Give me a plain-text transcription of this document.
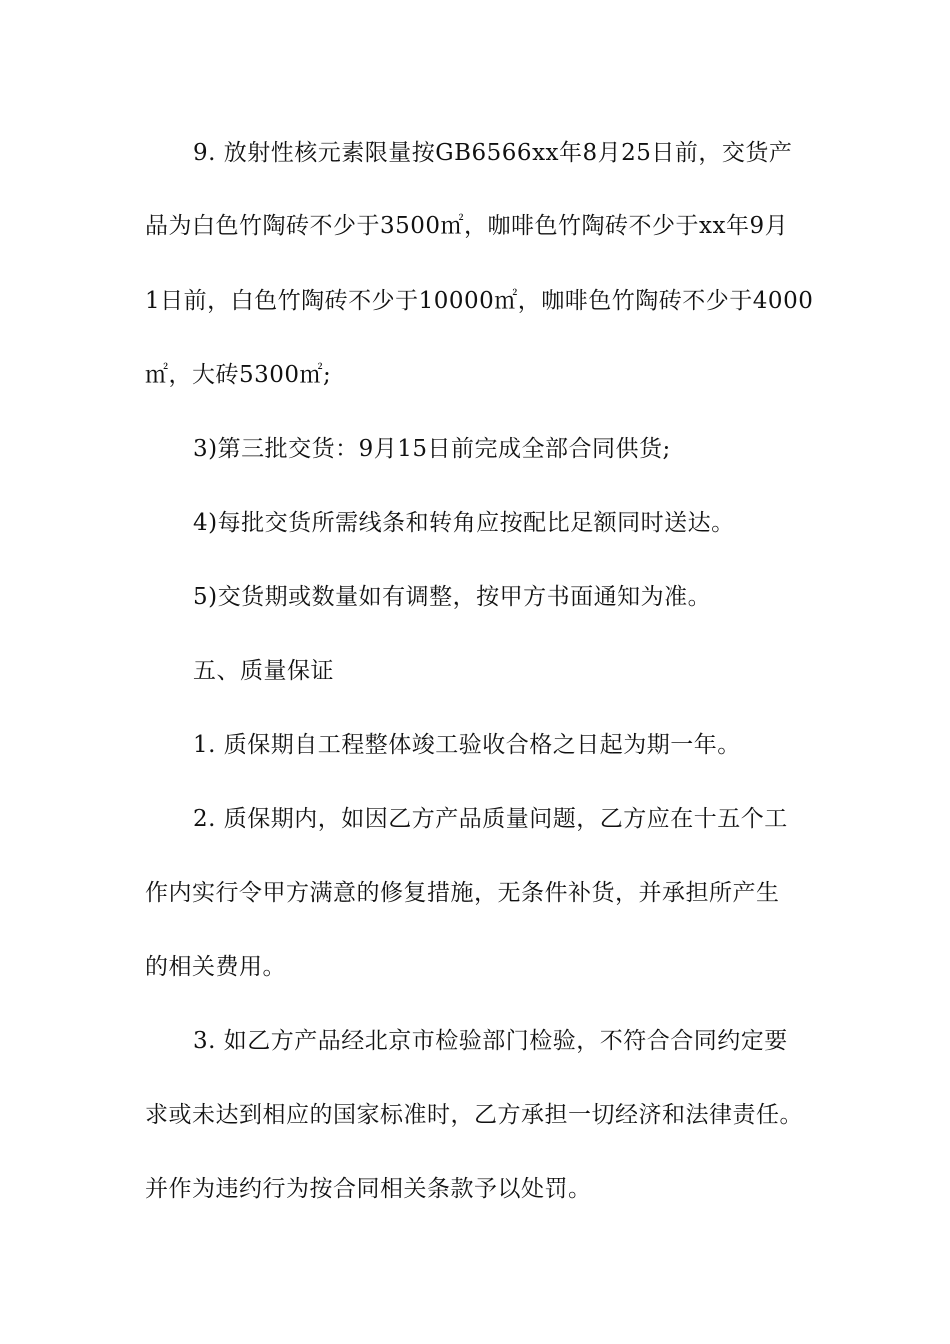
9. 放射性核元素限量按GB6566xx年8月25日前，交货产
品为白色竹陶砖不少于3500㎡，咖啡色竹陶砖不少于xx年9月
1日前，白色竹陶砖不少于10000㎡，咖啡色竹陶砖不少于4000
㎡，大砖5300㎡;
3)第三批交货：9月15日前完成全部合同供货;
4)每批交货所需线条和转角应按配比足额同时送达。
5)交货期或数量如有调整，按甲方书面通知为准。
五、质量保证
1. 质保期自工程整体竣工验收合格之日起为期一年。
2. 质保期内，如因乙方产品质量问题，乙方应在十五个工
作内实行令甲方满意的修复措施，无条件补货，并承担所产生
的相关费用。
3. 如乙方产品经北京市检验部门检验，不符合合同约定要
求或未达到相应的国家标准时，乙方承担一切经济和法律责任。
并作为违约行为按合同相关条款予以处罚。
